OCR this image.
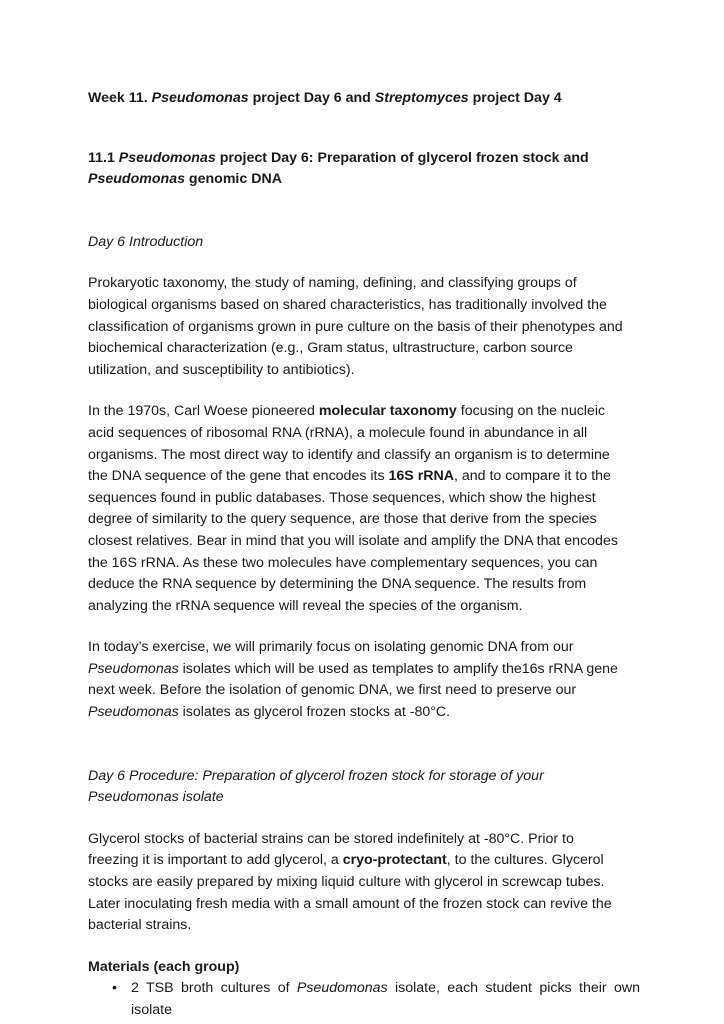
Week 11. Pseudomonas project Day 6 and Streptomyces project Day 4

11.1 Pseudomonas project Day 6: Preparation of glycerol frozen stock and
Pseudomonas genomic DNA

Day 6 Introduction

Prokaryotic taxonomy, the study of naming, defining, and classifying groups of
biological organisms based on shared characteristics, has traditionally involved the
classification of organisms grown in pure culture on the basis of their phenotypes and
biochemical characterization (e.g., Gram status, ultrastructure, carbon source
utilization, and susceptibility to antibiotics).

In the 1970s, Carl Woese pioneered molecular taxonomy focusing on the nucleic
acid sequences of ribosomal RNA (rRNA), a molecule found in abundance in all
organisms. The most direct way to identify and classify an organism is to determine
the DNA sequence of the gene that encodes its 16S rRNA, and to compare it to the
sequences found in public databases. Those sequences, which show the highest
degree of similarity to the query sequence, are those that derive from the species
closest relatives. Bear in mind that you will isolate and amplify the DNA that encodes
the 16S rRNA. As these two molecules have complementary sequences, you can
deduce the RNA sequence by determining the DNA sequence. The results from
analyzing the rRNA sequence will reveal the species of the organism.

In today’s exercise, we will primarily focus on isolating genomic DNA from our
Pseudomonas isolates which will be used as templates to amplify the16s rRNA gene
next week. Before the isolation of genomic DNA, we first need to preserve our
Pseudomonas isolates as glycerol frozen stocks at -80°C.

Day 6 Procedure: Preparation of glycerol frozen stock for storage of your
Pseudomonas isolate

Glycerol stocks of bacterial strains can be stored indefinitely at -80°C. Prior to
freezing it is important to add glycerol, a cryo-protectant, to the cultures. Glycerol
stocks are easily prepared by mixing liquid culture with glycerol in screwcap tubes.
Later inoculating fresh media with a small amount of the frozen stock can revive the
bacterial strains.

Materials (each group)

• 2 TSB broth cultures of Pseudomonas isolate, each student picks their own isolate
